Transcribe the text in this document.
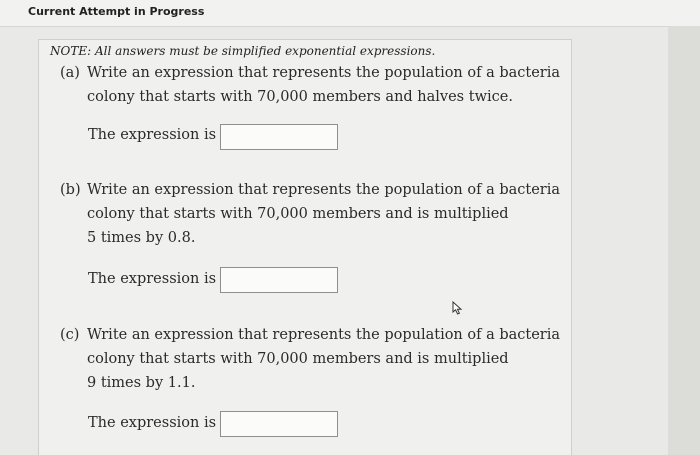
Current Attempt in Progress
NOTE: All answers must be simplified exponential expressions.
(a) Write an expression that represents the population of a bacteria
colony that starts with 70,000 members and halves twice.
The expression is
(b) Write an expression that represents the population of a bacteria
colony that starts with 70,000 members and is multiplied
5 times by 0.8.
The expression is
(c) Write an expression that represents the population of a bacteria
colony that starts with 70,000 members and is multiplied
9 times by 1.1.
The expression is
